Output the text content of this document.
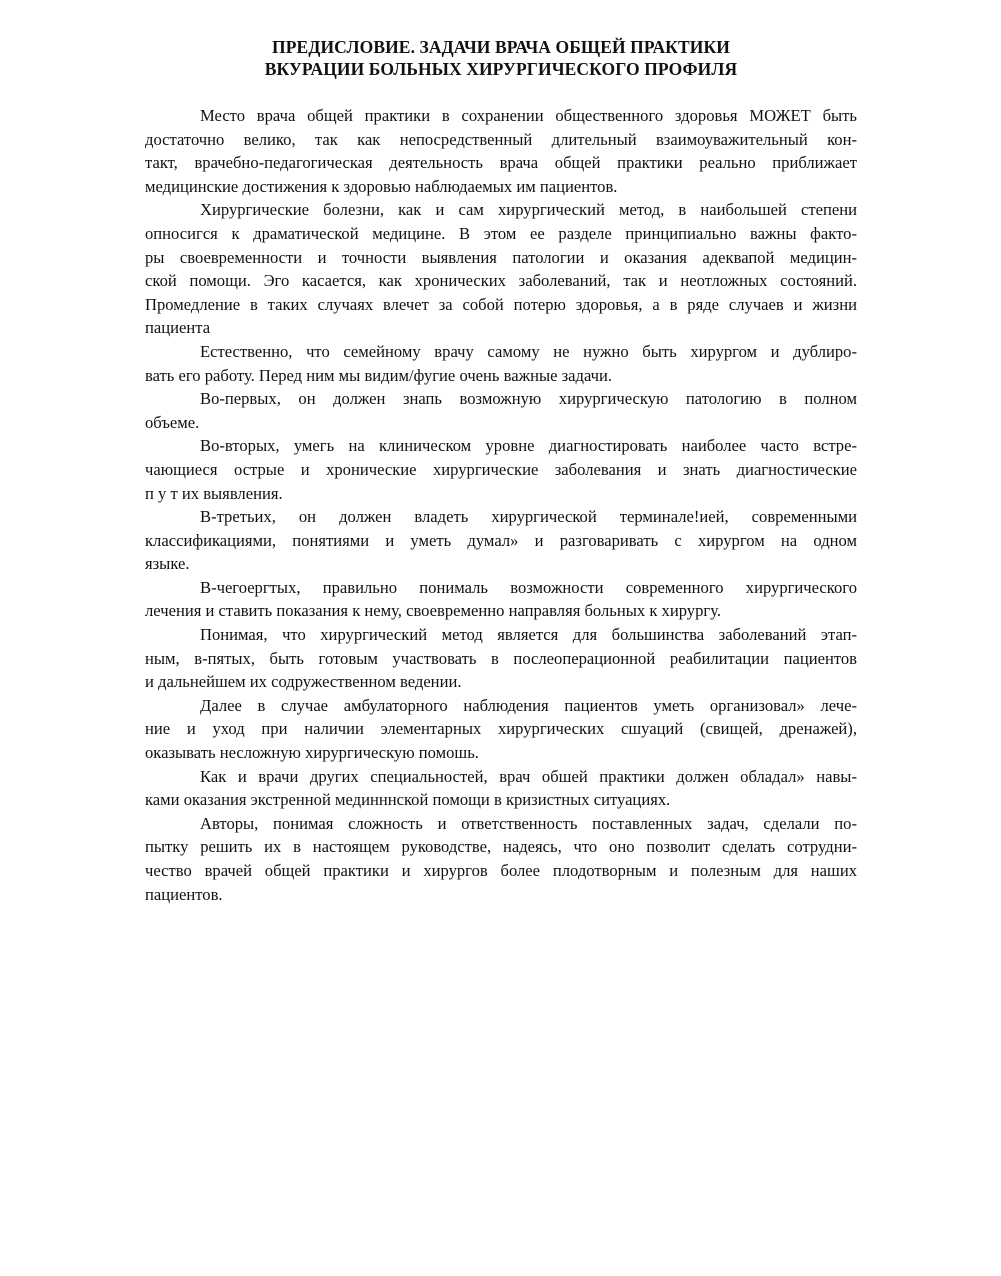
ПРЕДИСЛОВИЕ. ЗАДАЧИ ВРАЧА ОБЩЕЙ ПРАКТИКИ
ВКУРАЦИИ БОЛЬНЫХ ХИРУРГИЧЕСКОГО ПРОФИЛЯ

Место врача общей практики в сохранении общественного здоровья МОЖЕТ быть
достаточно велико, так как непосредственный длительный взаимоуважительный кон-
такт, врачебно-педагогическая деятельность врача общей практики реально приближает
медицинские достижения к здоровью наблюдаемых им пациентов.

Хирургические болезни, как и сам хирургический метод, в наибольшей степени
опносигся к драматической медицине. В этом ее разделе принципиально важны факто-
ры своевременности и точности выявления патологии и оказания адеквапой медицин-
ской помощи. Эго касается, как хронических заболеваний, так и неотложных состояний.
Промедление в таких случаях влечет за собой потерю здоровья, а в ряде случаев и жизни
пациента

Естественно, что семейному врачу самому не нужно быть хирургом и дублиро-
вать его работу. Перед ним мы видим/фугие очень важные задачи.

Во-первых, он должен знапь возможную хирургическую патологию в полном
объеме.

Во-вторых, умегь на клиническом уровне диагностировать наиболее часто встре-
чающиеся острые и хронические хирургические заболевания и знать диагностические
п у т их выявления.

В-третьих, он должен владеть хирургической терминале!ией, современными
классификациями, понятиями и уметь думал» и разговаривать с хирургом на одном
языке.

В-чегоергтых, правильно понималь возможности современного хирургического
лечения и ставить показания к нему, своевременно направляя больных к хирургу.

Понимая, что хирургический метод является для большинства заболеваний этап-
ным, в-пятых, быть готовым участвовать в послеоперационной реабилитации пациентов
и дальнейшем их содружественном ведении.

Далее в случае амбулаторного наблюдения пациентов уметь организовал» лече-
ние и уход при наличии элементарных хирургических сшуаций (свищей, дренажей),
оказывать несложную хирургическую помошь.

Как и врачи других специальностей, врач обшей практики должен обладал» навы-
ками оказания экстренной мединннской помощи в кризистных ситуациях.

Авторы, понимая сложность и ответственность поставленных задач, сделали по-
пытку решить их в настоящем руководстве, надеясь, что оно позволит сделать сотрудни-
чество врачей общей практики и хирургов более плодотворным и полезным для наших
пациентов.
